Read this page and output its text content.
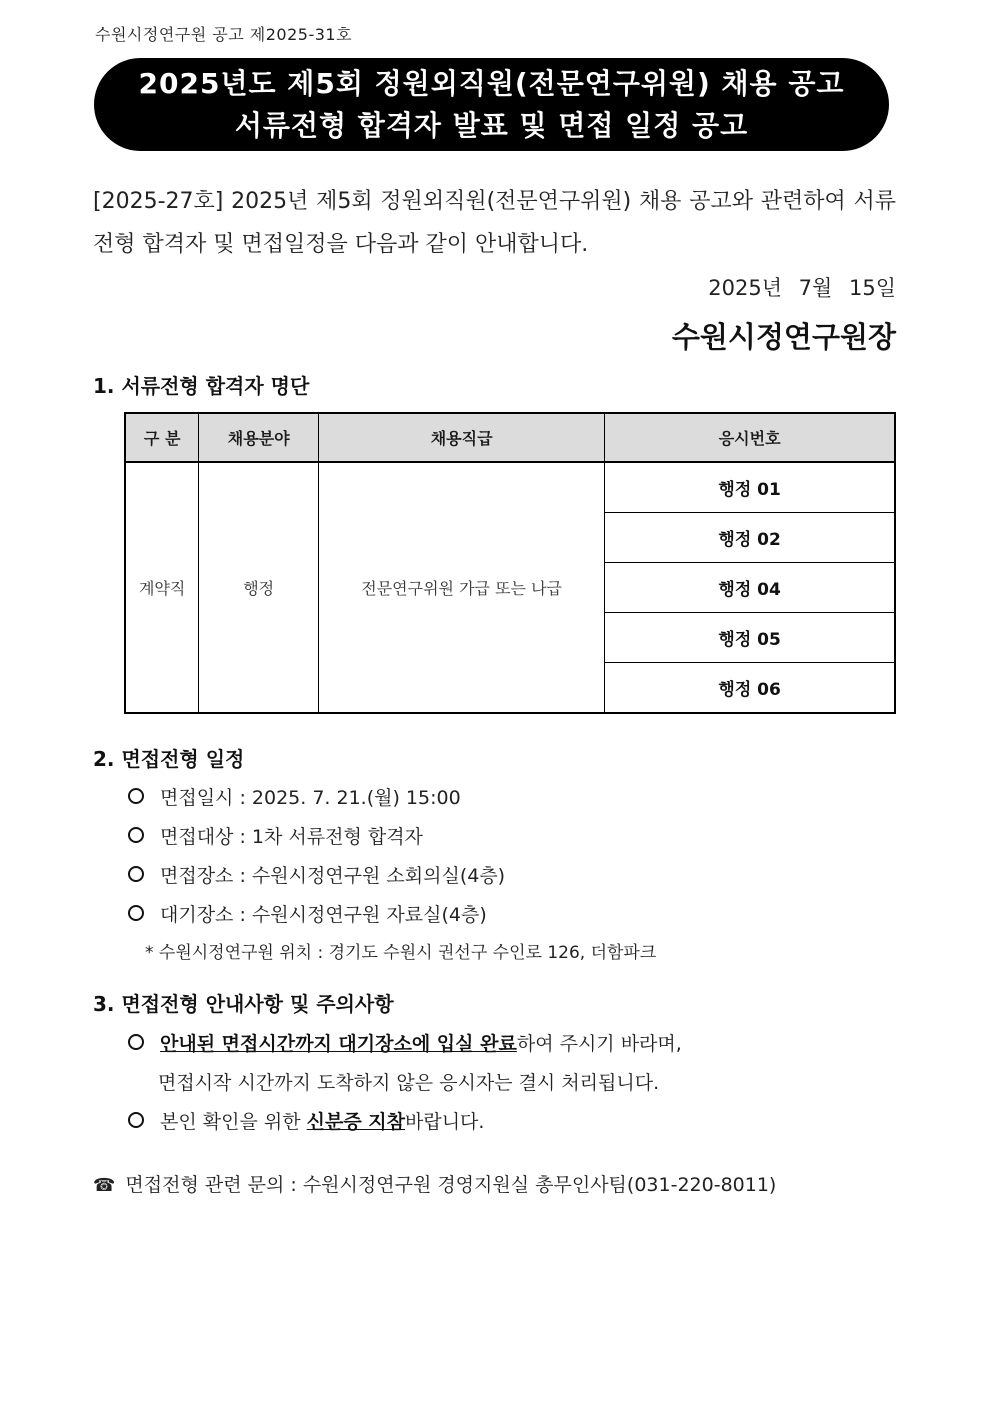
수원시정연구원 공고 제2025-31호
2025년도 제5회 정원외직원(전문연구위원) 채용 공고
서류전형 합격자 발표 및 면접 일정 공고
[2025-27호] 2025년 제5회 정원외직원(전문연구위원) 채용 공고와 관련하여 서류전형 합격자 및 면접일정을 다음과 같이 안내합니다.
2025년 7월 15일
수원시정연구원장
1. 서류전형 합격자 명단
구 분	채용분야	채용직급	응시번호
계약직	행정	전문연구위원 가급 또는 나급	행정 01
			행정 02
			행정 04
			행정 05
			행정 06
2. 면접전형 일정
면접일시 : 2025. 7. 21.(월) 15:00
면접대상 : 1차 서류전형 합격자
면접장소 : 수원시정연구원 소회의실(4층)
대기장소 : 수원시정연구원 자료실(4층)
* 수원시정연구원 위치 : 경기도 수원시 권선구 수인로 126, 더함파크
3. 면접전형 안내사항 및 주의사항
안내된 면접시간까지 대기장소에 입실 완료하여 주시기 바라며,
면접시작 시간까지 도착하지 않은 응시자는 결시 처리됩니다.
본인 확인을 위한 신분증 지참바랍니다.
☎ 면접전형 관련 문의 : 수원시정연구원 경영지원실 총무인사팀(031-220-8011)
